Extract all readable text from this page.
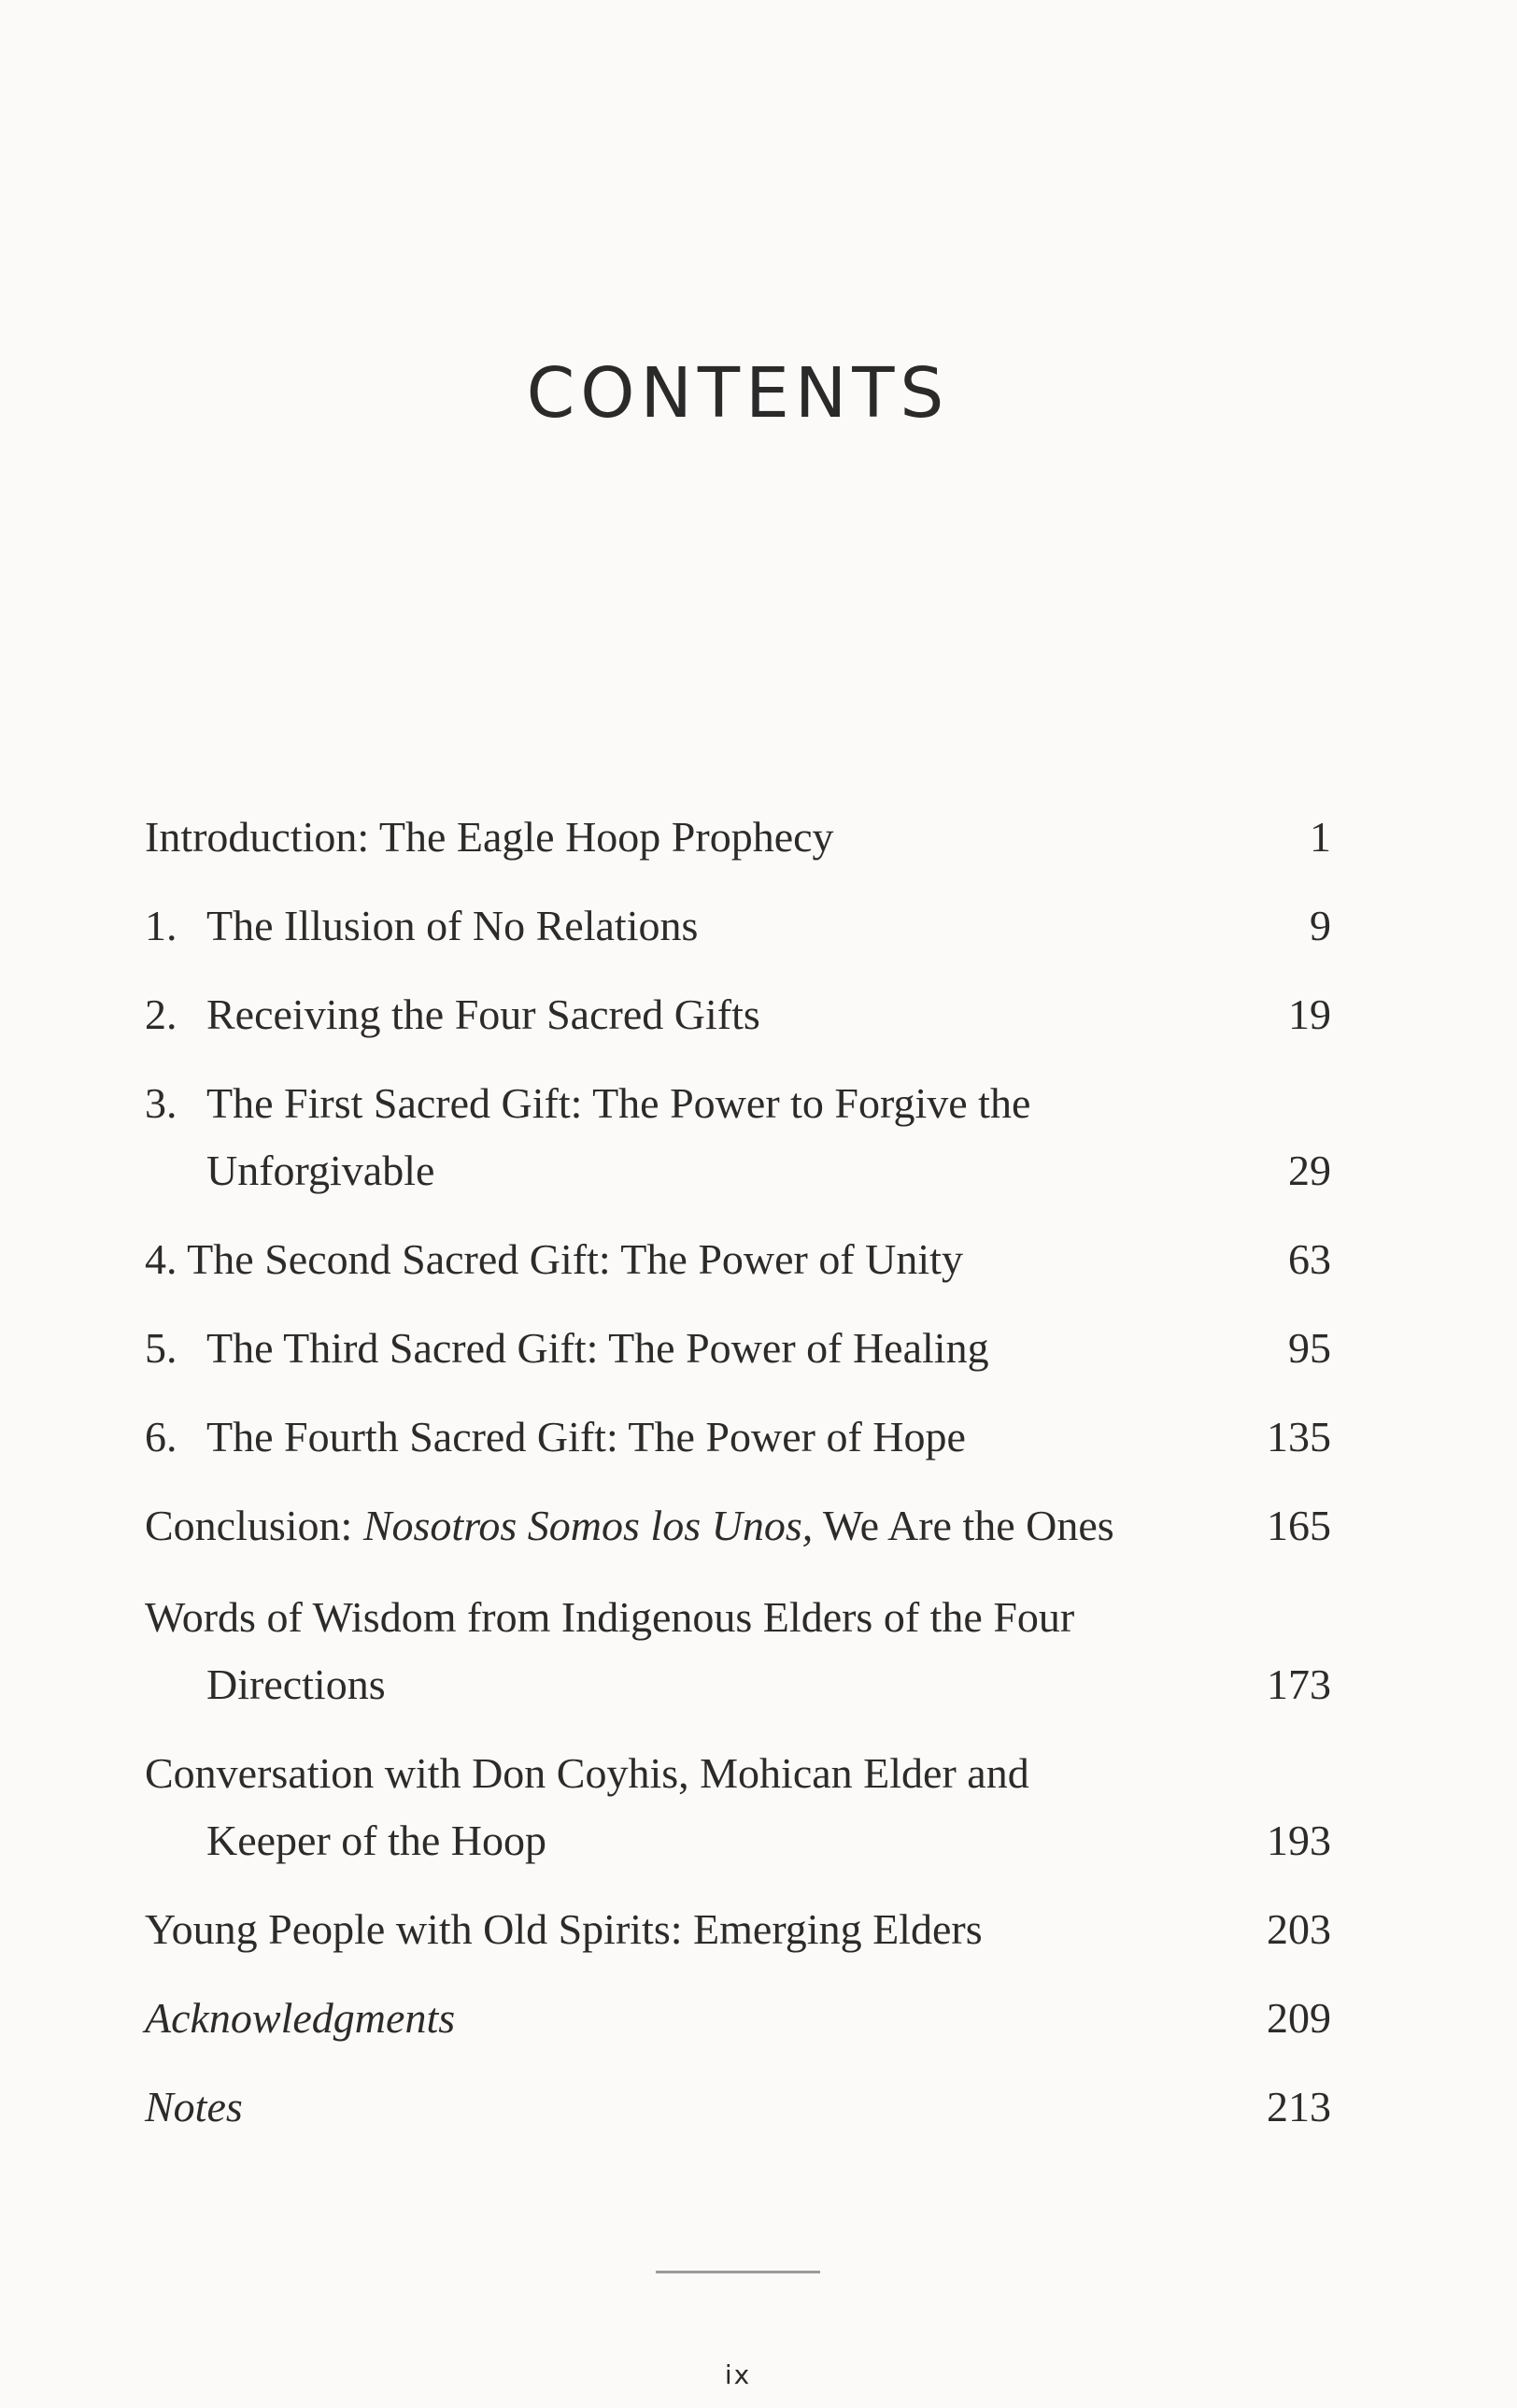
CONTENTS
Introduction: The Eagle Hoop Prophecy	1
1. The Illusion of No Relations	9
2. Receiving the Four Sacred Gifts	19
3. The First Sacred Gift: The Power to Forgive the
Unforgivable	29
4. The Second Sacred Gift: The Power of Unity	63
5. The Third Sacred Gift: The Power of Healing	95
6. The Fourth Sacred Gift: The Power of Hope	135
Conclusion: Nosotros Somos los Unos, We Are the Ones	165
Words of Wisdom from Indigenous Elders of the Four
Directions	173
Conversation with Don Coyhis, Mohican Elder and
Keeper of the Hoop	193
Young People with Old Spirits: Emerging Elders	203
Acknowledgments	209
Notes	213
ix
